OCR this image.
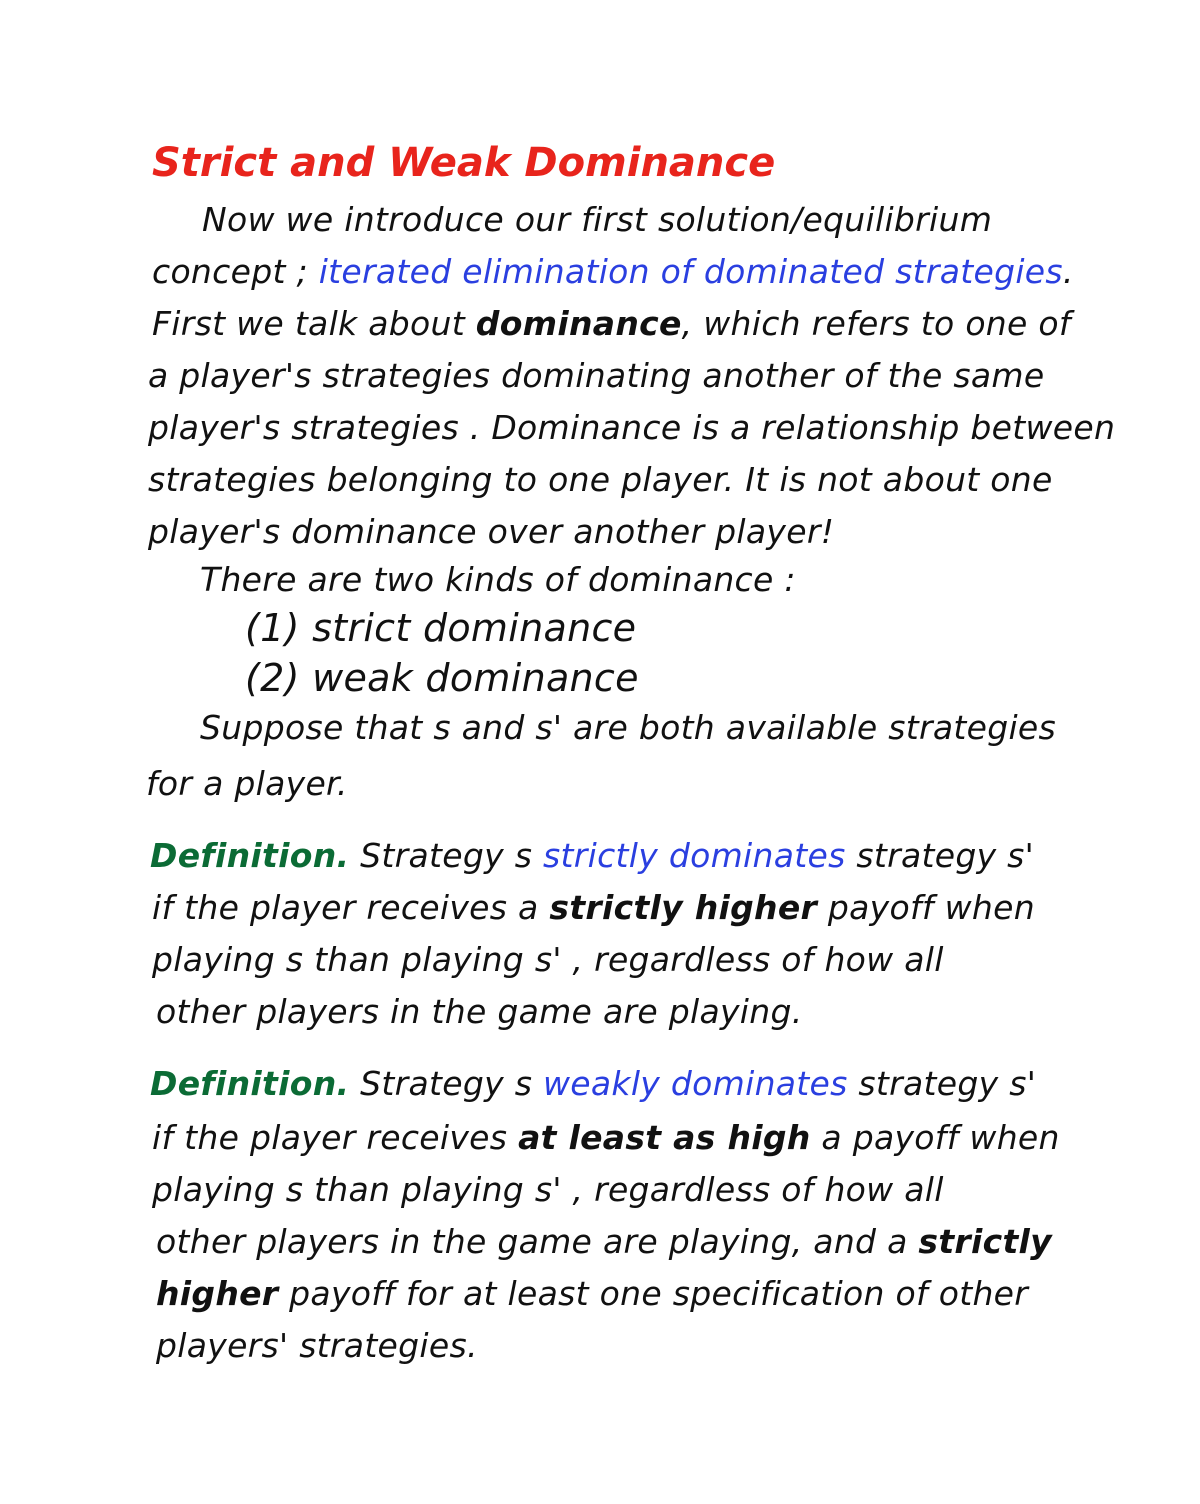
Strict and Weak Dominance
Now we introduce our first solution/equilibrium
concept ; iterated elimination of dominated strategies.
First we talk about dominance, which refers to one of
a player's strategies dominating another of the same
player's strategies . Dominance is a relationship between
strategies belonging to one player. It is not about one
player's dominance over another player!
There are two kinds of dominance :
(1) strict dominance
(2) weak dominance
Suppose that s and s' are both available strategies
for a player.
Definition. Strategy s strictly dominates strategy s'
if the player receives a strictly higher payoff when
playing s than playing s' , regardless of how all
other players in the game are playing.
Definition. Strategy s weakly dominates strategy s'
if the player receives at least as high a payoff when
playing s than playing s' , regardless of how all
other players in the game are playing, and a strictly
higher payoff for at least one specification of other
players' strategies.
